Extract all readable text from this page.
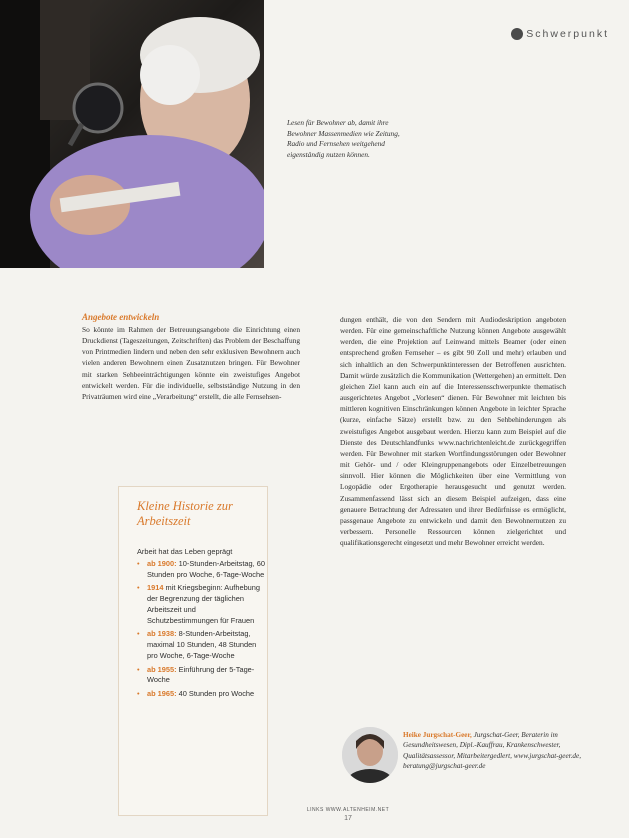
Lesen für Bewohner ab, damit ihre Bewohner Massenmedien wie Zeitung, Radio und Fernsehen weitgehend eigenständig nutzen können.
Schwerpunkt
Angebote entwickeln
So könnte im Rahmen der Betreuungsangebote die Einrichtung einen Druckdienst (Tageszeitungen, Zeitschriften) das Problem der Beschaffung von Printmedien lindern und neben den sehr exklusiven Bewohnern auch vielen anderen Bewohnern einen Zusatznutzen bringen. Für Bewohner mit starken Sehbeeinträchtigungen könnte ein zweistufiges Angebot entwickelt werden. Für die individuelle, selbstständige Nutzung in den Privaträumen wird eine „Verarbeitung“ erstellt, die alle Fernsehsen-
dungen enthält, die von den Sendern mit Audiodeskription angeboten werden. Für eine gemeinschaftliche Nutzung können Angebote ausgewählt werden, die eine Projektion auf Leinwand mittels Beamer (oder einen entsprechend großen Fernseher – es gibt 90 Zoll und mehr) erlauben und sich inhaltlich an den Schwerpunktinteressen der Betroffenen ausrichten. Damit würde zusätzlich die Kommunikation (Wettergehen) an ermittelt. Den gleichen Ziel kann auch ein auf die Interessensschwerpunkte thematisch ausgerichtetes Angebot „Vorlesen“ dienen. Für Bewohner mit leichten bis mittleren kognitiven Einschränkungen können Angebote in leichter Sprache (kurze, einfache Sätze) erstellt bzw. zu den Sehbehinderungen als zweistufiges Angebot ausgebaut werden. Hierzu kann zum Beispiel auf die Dienste des Deutschlandfunks www.nachrichtenleicht.de zurückgegriffen werden. Für Bewohner mit starken Wortfindungsstörungen oder Bewohner mit Gehör- und / oder Kleingruppenangebots oder Einzelbetreuungen sinnvoll. Hier können die Möglichkeiten über eine Vermittlung von Logopädie oder Ergotherapie herausgesucht und genutzt werden. Zusammenfassend lässt sich an diesem Beispiel aufzeigen, dass eine genauere Betrachtung der Adressaten und ihrer Bedürfnisse es ermöglicht, passgenaue Angebote zu entwickeln und damit den Bewohnernutzen zu verbessern. Personelle Ressourcen können zielgerichtet und qualifikationsgerecht eingesetzt und mehr Bewohner erreicht werden.
Kleine Historie zur Arbeitszeit
Arbeit hat das Leben geprägt
• ab 1900: 10-Stunden-Arbeitstag, 60 Stunden pro Woche, 6-Tage-Woche
• 1914 mit Kriegsbeginn: Aufhebung der Begrenzung der täglichen Arbeitszeit und Schutzbestimmungen für Frauen
• ab 1938: 8-Stunden-Arbeitstag, maximal 10 Stunden, 48 Stunden pro Woche, 6-Tage-Woche
• ab 1955: Einführung der 5-Tage-Woche
• ab 1965: 40 Stunden pro Woche
Heike Jurgschat-Geer, Jurgschat-Geer, Beraterin im Gesundheitswesen, Dipl.-Kauffrau, Krankenschwester, Qualitätsassessor, Mitarbeitergedlert, www.jurgschat-geer.de, beratung@jurgschat-geer.de
LINKS WWW.ALTENHEIM.NET
17
